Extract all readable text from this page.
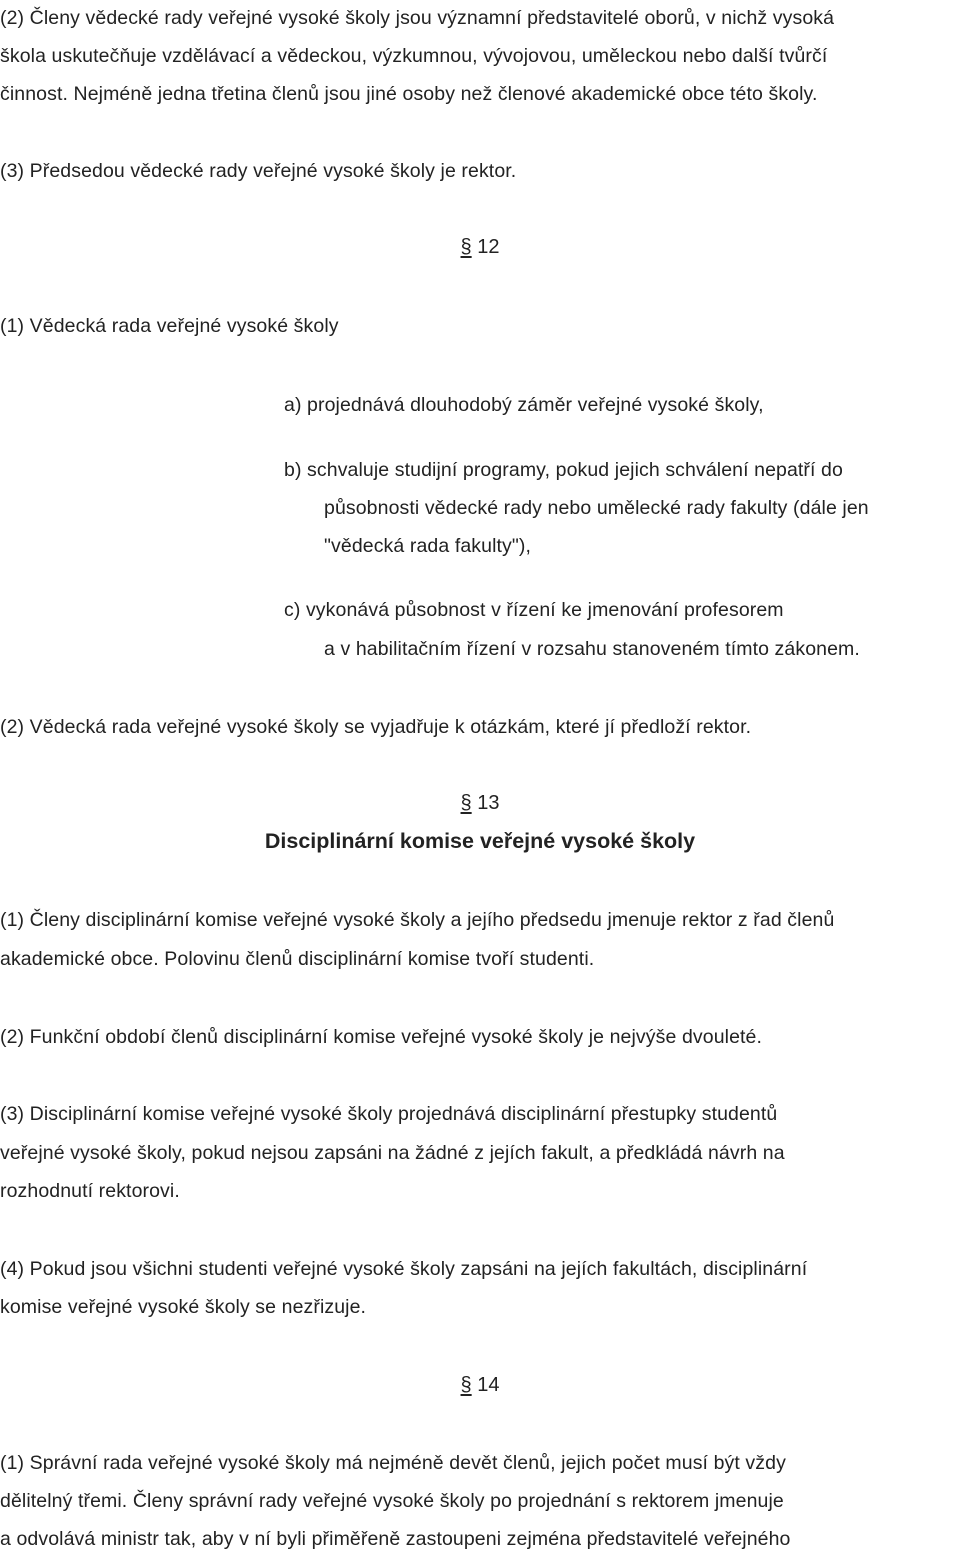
(2) Členy vědecké rady veřejné vysoké školy jsou významní představitelé oborů, v nichž vysoká
škola uskutečňuje vzdělávací a vědeckou, výzkumnou, vývojovou, uměleckou nebo další tvůrčí
činnost. Nejméně jedna třetina členů jsou jiné osoby než členové akademické obce této školy.
(3) Předsedou vědecké rady veřejné vysoké školy je rektor.
§ 12
(1) Vědecká rada veřejné vysoké školy
a) projednává dlouhodobý záměr veřejné vysoké školy,
b) schvaluje studijní programy, pokud jejich schválení nepatří do
působnosti vědecké rady nebo umělecké rady fakulty (dále jen
"vědecká rada fakulty"),
c) vykonává působnost v řízení ke jmenování profesorem
a v habilitačním řízení v rozsahu stanoveném tímto zákonem.
(2) Vědecká rada veřejné vysoké školy se vyjadřuje k otázkám, které jí předloží rektor.
§ 13
Disciplinární komise veřejné vysoké školy
(1) Členy disciplinární komise veřejné vysoké školy a jejího předsedu jmenuje rektor z řad členů
akademické obce. Polovinu členů disciplinární komise tvoří studenti.
(2) Funkční období členů disciplinární komise veřejné vysoké školy je nejvýše dvouleté.
(3) Disciplinární komise veřejné vysoké školy projednává disciplinární přestupky studentů
veřejné vysoké školy, pokud nejsou zapsáni na žádné z jejích fakult, a předkládá návrh na
rozhodnutí rektorovi.
(4) Pokud jsou všichni studenti veřejné vysoké školy zapsáni na jejích fakultách, disciplinární
komise veřejné vysoké školy se nezřizuje.
§ 14
(1) Správní rada veřejné vysoké školy má nejméně devět členů, jejich počet musí být vždy
dělitelný třemi. Členy správní rady veřejné vysoké školy po projednání s rektorem jmenuje
a odvolává ministr tak, aby v ní byli přiměřeně zastoupeni zejména představitelé veřejného
